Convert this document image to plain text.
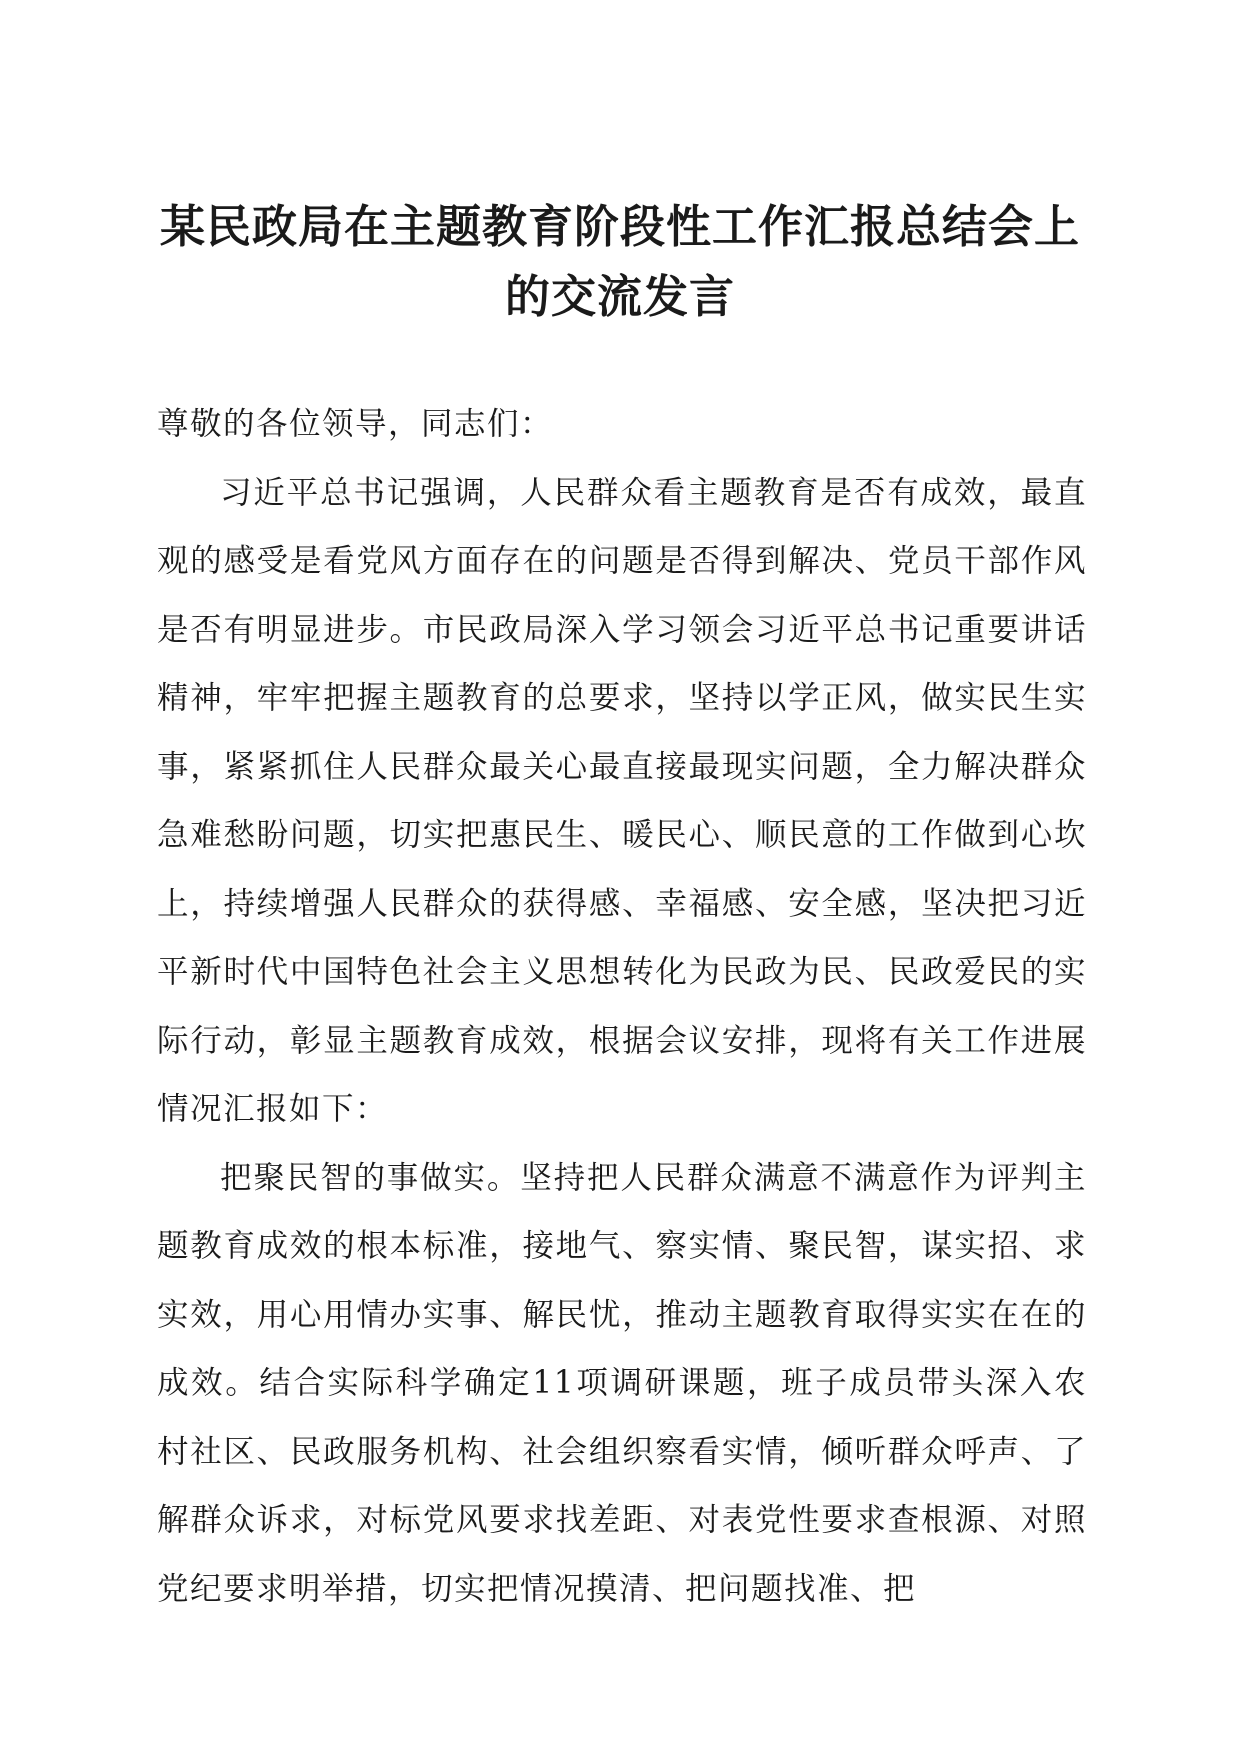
某民政局在主题教育阶段性工作汇报总结会上的交流发言

尊敬的各位领导，同志们：

习近平总书记强调，人民群众看主题教育是否有成效，最直观的感受是看党风方面存在的问题是否得到解决、党员干部作风是否有明显进步。市民政局深入学习领会习近平总书记重要讲话精神，牢牢把握主题教育的总要求，坚持以学正风，做实民生实事，紧紧抓住人民群众最关心最直接最现实问题，全力解决群众急难愁盼问题，切实把惠民生、暖民心、顺民意的工作做到心坎上，持续增强人民群众的获得感、幸福感、安全感，坚决把习近平新时代中国特色社会主义思想转化为民政为民、民政爱民的实际行动，彰显主题教育成效，根据会议安排，现将有关工作进展情况汇报如下：

把聚民智的事做实。坚持把人民群众满意不满意作为评判主题教育成效的根本标准，接地气、察实情、聚民智，谋实招、求实效，用心用情办实事、解民忧，推动主题教育取得实实在在的成效。结合实际科学确定11项调研课题，班子成员带头深入农村社区、民政服务机构、社会组织察看实情，倾听群众呼声、了解群众诉求，对标党风要求找差距、对表党性要求查根源、对照党纪要求明举措，切实把情况摸清、把问题找准、把
